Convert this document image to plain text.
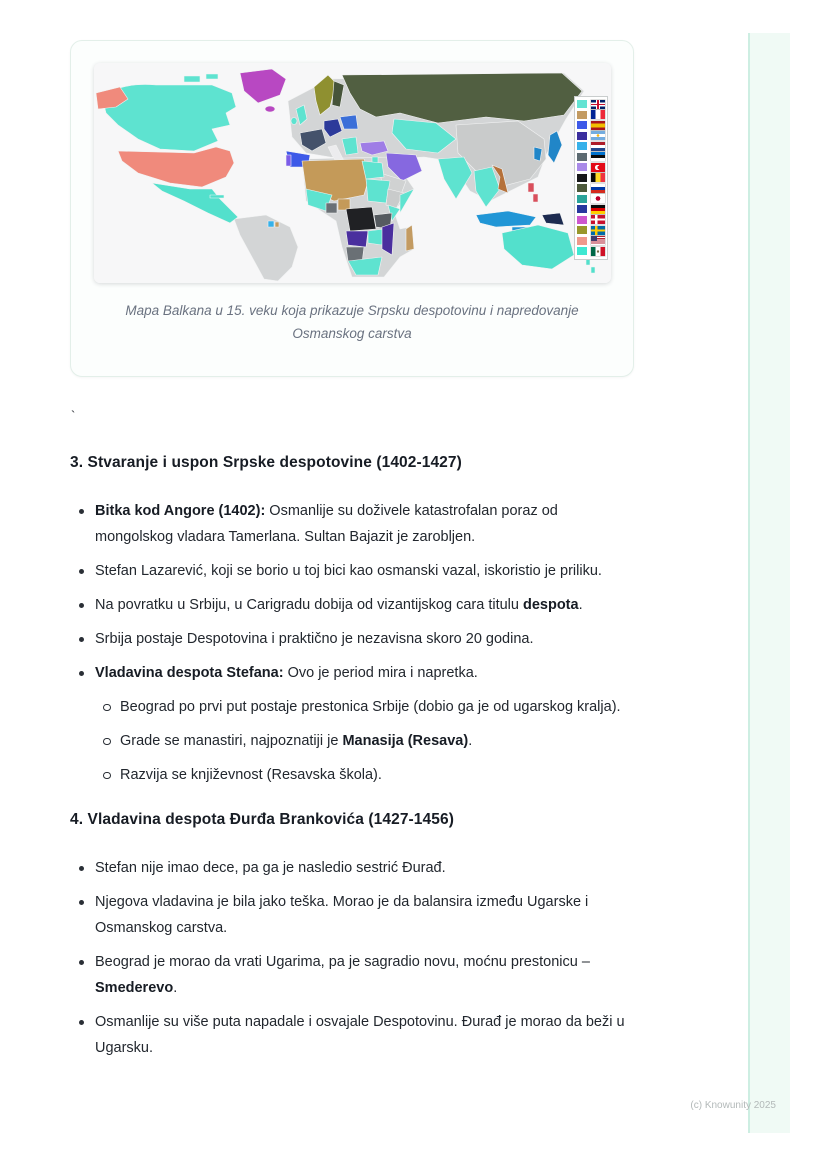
Mapa Balkana u 15. veku koja prikazuje Srpsku despotovinu i napredovanje Osmanskog carstva
`
3. Stvaranje i uspon Srpske despotovine (1402-1427)
Bitka kod Angore (1402): Osmanlije su doživele katastrofalan poraz od mongolskog vladara Tamerlana. Sultan Bajazit je zarobljen.
Stefan Lazarević, koji se borio u toj bici kao osmanski vazal, iskoristio je priliku.
Na povratku u Srbiju, u Carigradu dobija od vizantijskog cara titulu despota.
Srbija postaje Despotovina i praktično je nezavisna skoro 20 godina.
Vladavina despota Stefana: Ovo je period mira i napretka.
Beograd po prvi put postaje prestonica Srbije (dobio ga je od ugarskog kralja).
Grade se manastiri, najpoznatiji je Manasija (Resava).
Razvija se književnost (Resavska škola).
4. Vladavina despota Đurđa Brankovića (1427-1456)
Stefan nije imao dece, pa ga je nasledio sestrić Đurađ.
Njegova vladavina je bila jako teška. Morao je da balansira između Ugarske i Osmanskog carstva.
Beograd je morao da vrati Ugarima, pa je sagradio novu, moćnu prestonicu – Smederevo.
Osmanlije su više puta napadale i osvajale Despotovinu. Đurađ je morao da beži u Ugarsku.
(c) Knowunity 2025
